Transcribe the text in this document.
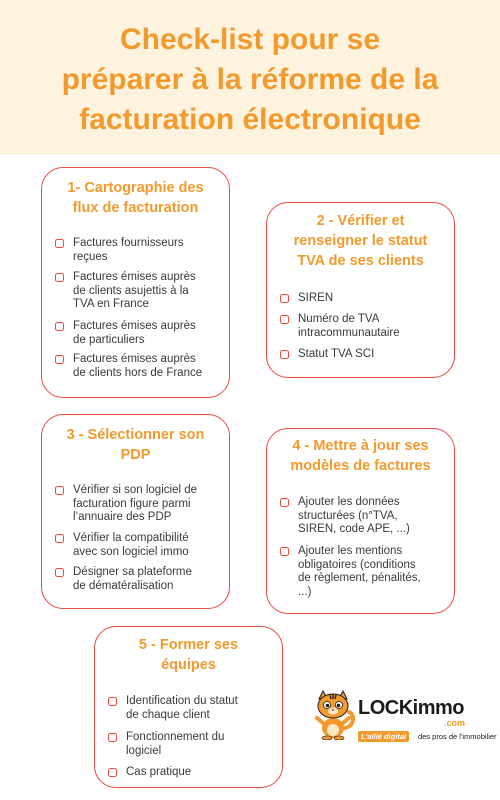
Check-list pour se

préparer à la réforme de la

facturation électronique

1- Cartographie des
flux de facturation
Factures fournisseurs
reçues
Factures émises auprès
de clients asujettis à la
TVA en France
Factures émises auprès
de particuliers
Factures émises auprès
de clients hors de France
2 - Vérifier et
renseigner le statut
TVA de ses clients
SIREN
Numéro de TVA
intracommunautaire
Statut TVA SCI
3 - Sélectionner son
PDP
Vérifier si son logiciel de
facturation figure parmi
l’annuaire des PDP
Vérifier la compatibilité
avec son logiciel immo
Désigner sa plateforme
de dématéralisation
4 - Mettre à jour ses
modèles de factures
Ajouter les données
structurées (n°TVA,
SIREN, code APE, ...)
Ajouter les mentions
obligatoires (conditions
de règlement, pénalités,
...)
5 - Former ses
équipes
Identification du statut
de chaque client
Fonctionnement du
logiciel
Cas pratique
LOCKimmo
.com
L'allié digital	des pros de l'immobilier
